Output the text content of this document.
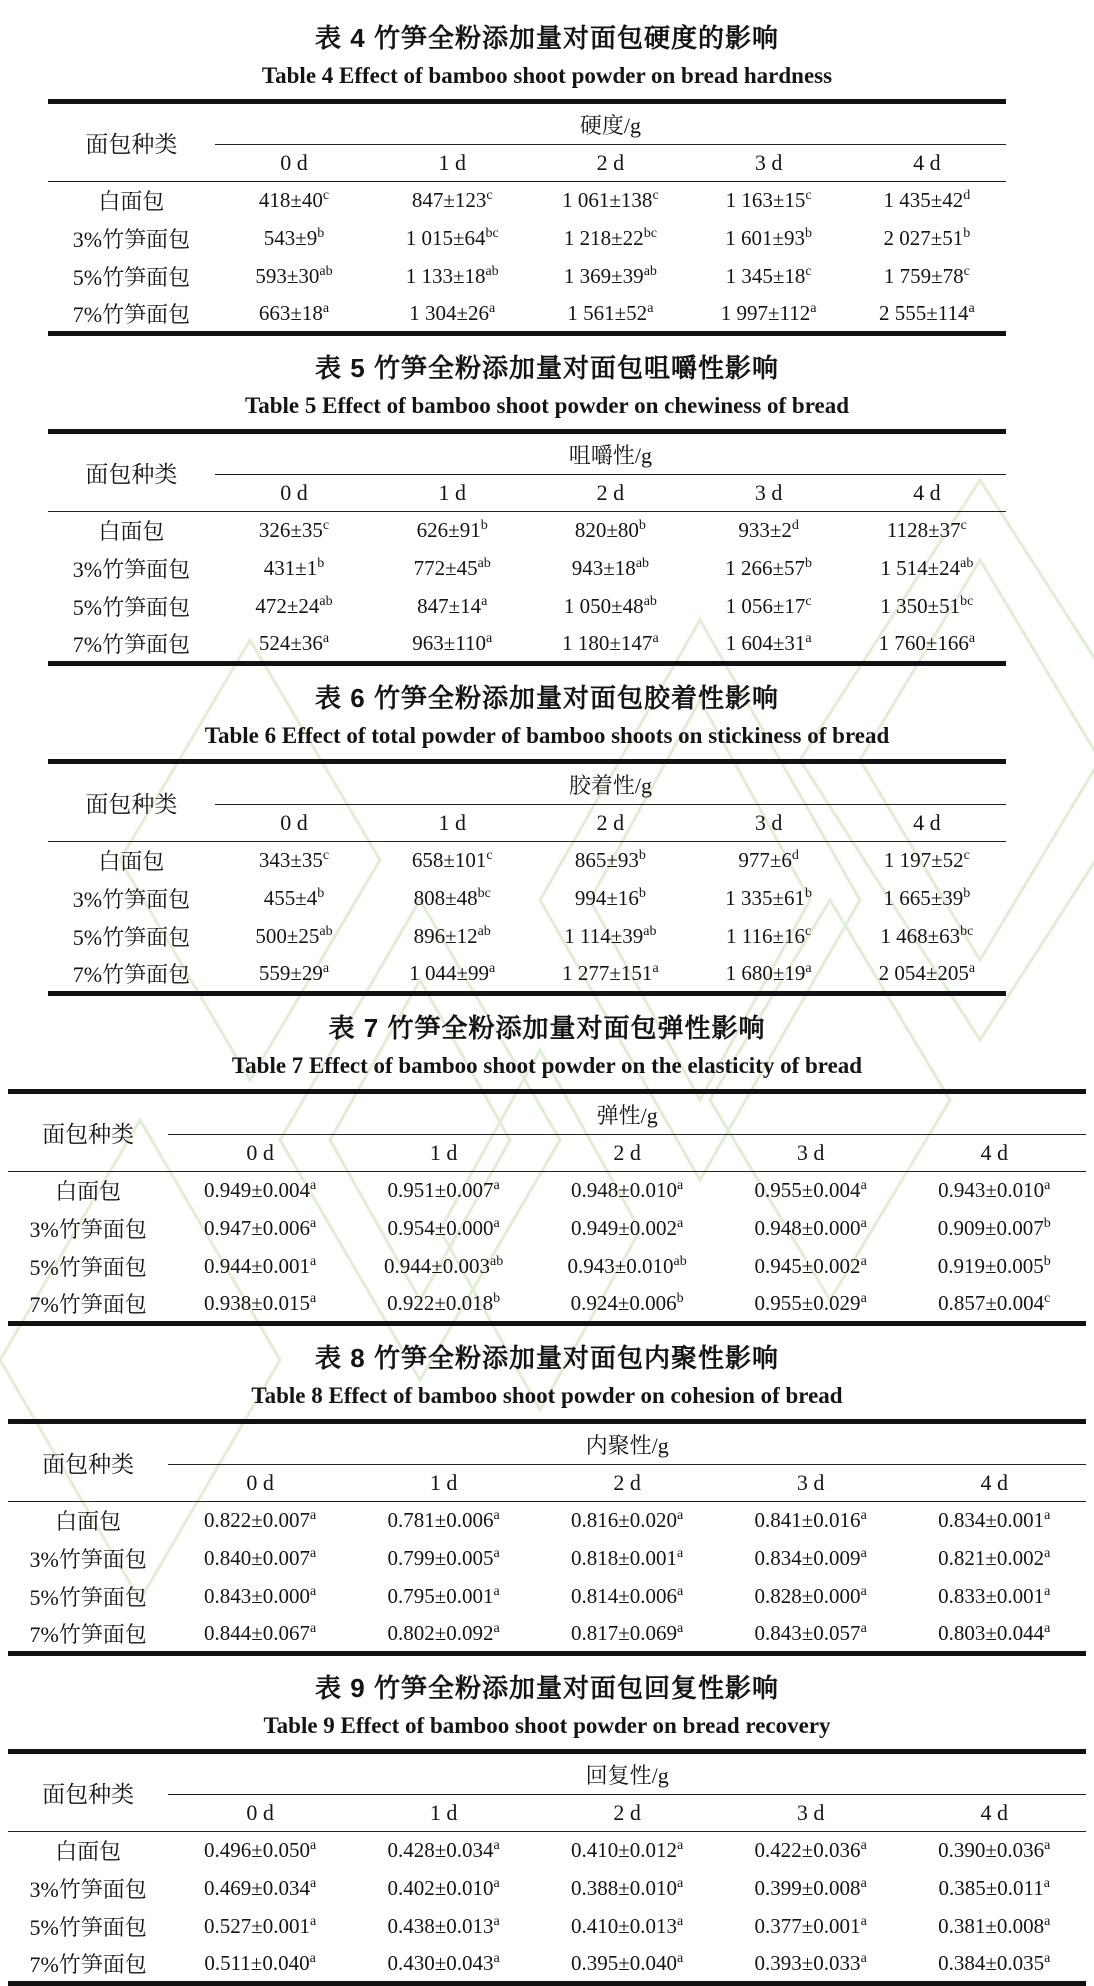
表 4 竹笋全粉添加量对面包硬度的影响
Table 4 Effect of bamboo shoot powder on bread hardness
面包种类	硬度/g				
	0 d	1 d	2 d	3 d	4 d
白面包	$418\pm 40^c$	$847\pm 123^c$	1 $061\pm 138^c$	1 $163\pm 15^c$	1 $435\pm 42^d$
3%竹笋面包	$543\pm 9^b$	1 $015\pm 64^{bc}$	1 $218\pm 22^{bc}$	1 $601\pm 93^b$	2 $027\pm 51^b$
5%竹笋面包	$593\pm 30^{ab}$	1 $133\pm 18^{ab}$	1 $369\pm 39^{ab}$	1 $345\pm 18^c$	1 $759\pm 78^c$
7%竹笋面包	$663\pm 18^a$	1 $304\pm 26^a$	1 $561\pm 52^a$	1 $997\pm 112^a$	2 $555\pm 114^a$
表 5 竹笋全粉添加量对面包咀嚼性影响
Table 5 Effect of bamboo shoot powder on chewiness of bread
面包种类	咀嚼性/g				
	0 d	1 d	2 d	3 d	4 d
白面包	$326\pm 35^c$	$626\pm 91^b$	$820\pm 80^b$	$933\pm 2^d$	$1128\pm 37^c$
3%竹笋面包	$431\pm 1^b$	$772\pm 45^{ab}$	$943\pm 18^{ab}$	1 $266\pm 57^b$	1 $514\pm 24^{ab}$
5%竹笋面包	$472\pm 24^{ab}$	$847\pm 14^a$	1 $050\pm 48^{ab}$	1 $056\pm 17^c$	1 $350\pm 51^{bc}$
7%竹笋面包	$524\pm 36^a$	$963\pm 110^a$	1 $180\pm 147^a$	1 $604\pm 31^a$	1 $760\pm 166^a$
表 6 竹笋全粉添加量对面包胶着性影响
Table 6 Effect of total powder of bamboo shoots on stickiness of bread
面包种类	胶着性/g				
	0 d	1 d	2 d	3 d	4 d
白面包	$343\pm 35^c$	$658\pm 101^c$	$865\pm 93^b$	$977\pm 6^d$	1 $197\pm 52^c$
3%竹笋面包	$455\pm 4^b$	$808\pm 48^{bc}$	$994\pm 16^b$	1 $335\pm 61^b$	1 $665\pm 39^b$
5%竹笋面包	$500\pm 25^{ab}$	$896\pm 12^{ab}$	1 $114\pm 39^{ab}$	1 $116\pm 16^c$	1 $468\pm 63^{bc}$
7%竹笋面包	$559\pm 29^a$	1 $044\pm 99^a$	1 $277\pm 151^a$	1 $680\pm 19^a$	2 $054\pm 205^a$
表 7 竹笋全粉添加量对面包弹性影响
Table 7 Effect of bamboo shoot powder on the elasticity of bread
面包种类	弹性/g				
	0 d	1 d	2 d	3 d	4 d
白面包	0.949±0.004$^a$	0.951±0.007$^a$	0.948±0.010$^a$	0.955±0.004$^a$	0.943±0.010$^a$
3%竹笋面包	0.947±0.006$^a$	0.954±0.000$^a$	0.949±0.002$^a$	0.948±0.000$^a$	0.909±0.007$^b$
5%竹笋面包	0.944±0.001$^a$	0.944±0.003$^{ab}$	0.943±0.010$^{ab}$	0.945±0.002$^a$	0.919±0.005$^b$
7%竹笋面包	0.938±0.015$^a$	0.922±0.018$^b$	0.924±0.006$^b$	0.955±0.029$^a$	0.857±0.004$^c$
表 8 竹笋全粉添加量对面包内聚性影响
Table 8 Effect of bamboo shoot powder on cohesion of bread
面包种类	内聚性/g				
	0 d	1 d	2 d	3 d	4 d
白面包	0.822±0.007$^a$	0.781±0.006$^a$	0.816±0.020$^a$	0.841±0.016$^a$	0.834±0.001$^a$
3%竹笋面包	0.840±0.007$^a$	0.799±0.005$^a$	0.818±0.001$^a$	0.834±0.009$^a$	0.821±0.002$^a$
5%竹笋面包	0.843±0.000$^a$	0.795±0.001$^a$	0.814±0.006$^a$	0.828±0.000$^a$	0.833±0.001$^a$
7%竹笋面包	0.844±0.067$^a$	0.802±0.092$^a$	0.817±0.069$^a$	0.843±0.057$^a$	0.803±0.044$^a$
表 9 竹笋全粉添加量对面包回复性影响
Table 9 Effect of bamboo shoot powder on bread recovery
面包种类	回复性/g				
	0 d	1 d	2 d	3 d	4 d
白面包	0.496±0.050$^a$	0.428±0.034$^a$	0.410±0.012$^a$	0.422±0.036$^a$	0.390±0.036$^a$
3%竹笋面包	0.469±0.034$^a$	0.402±0.010$^a$	0.388±0.010$^a$	0.399±0.008$^a$	0.385±0.011$^a$
5%竹笋面包	0.527±0.001$^a$	0.438±0.013$^a$	0.410±0.013$^a$	0.377±0.001$^a$	0.381±0.008$^a$
7%竹笋面包	0.511±0.040$^a$	0.430±0.043$^a$	0.395±0.040$^a$	0.393±0.033$^a$	0.384±0.035$^a$
